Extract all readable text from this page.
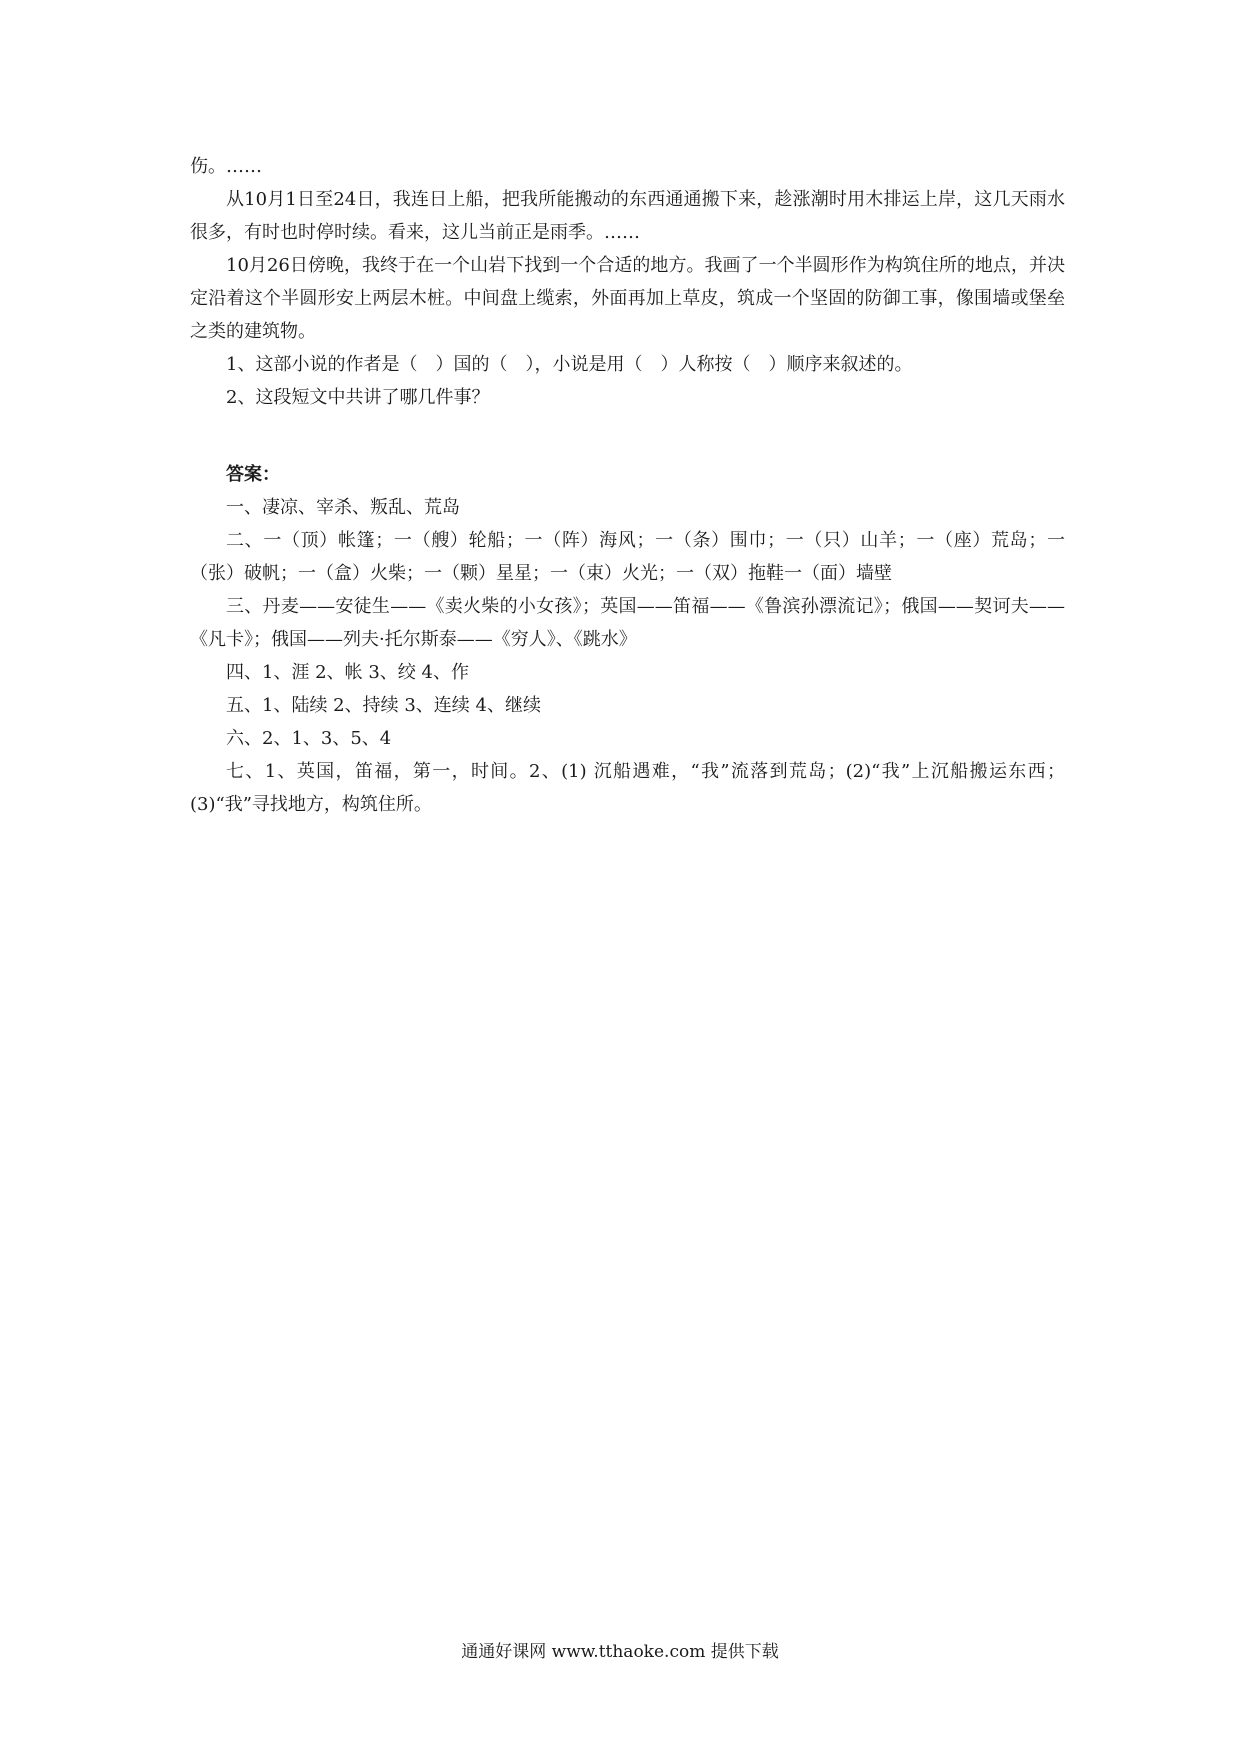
伤。……

从10月1日至24日，我连日上船，把我所能搬动的东西通通搬下来，趁涨潮时用木排运上岸，这几天雨水很多，有时也时停时续。看来，这儿当前正是雨季。……

10月26日傍晚，我终于在一个山岩下找到一个合适的地方。我画了一个半圆形作为构筑住所的地点，并决定沿着这个半圆形安上两层木桩。中间盘上缆索，外面再加上草皮，筑成一个坚固的防御工事，像围墙或堡垒之类的建筑物。

1、这部小说的作者是（　）国的（　），小说是用（　）人称按（　）顺序来叙述的。

2、这段短文中共讲了哪几件事？

答案：

一、凄凉、宰杀、叛乱、荒岛

二、一（顶）帐篷；一（艘）轮船；一（阵）海风；一（条）围巾；一（只）山羊；一（座）荒岛；一（张）破帆；一（盒）火柴；一（颗）星星；一（束）火光；一（双）拖鞋一（面）墙壁

三、丹麦——安徒生——《卖火柴的小女孩》；英国——笛福——《鲁滨孙漂流记》；俄国——契诃夫——《凡卡》；俄国——列夫·托尔斯泰——《穷人》、《跳水》

四、1、涯 2、帐 3、绞 4、作

五、1、陆续 2、持续 3、连续 4、继续

六、2、1、3、5、4

七、1、英国，笛福，第一，时间。2、(1) 沉船遇难，“我”流落到荒岛；(2)“我”上沉船搬运东西；(3)“我”寻找地方，构筑住所。

通通好课网 www.tthaoke.com 提供下载
